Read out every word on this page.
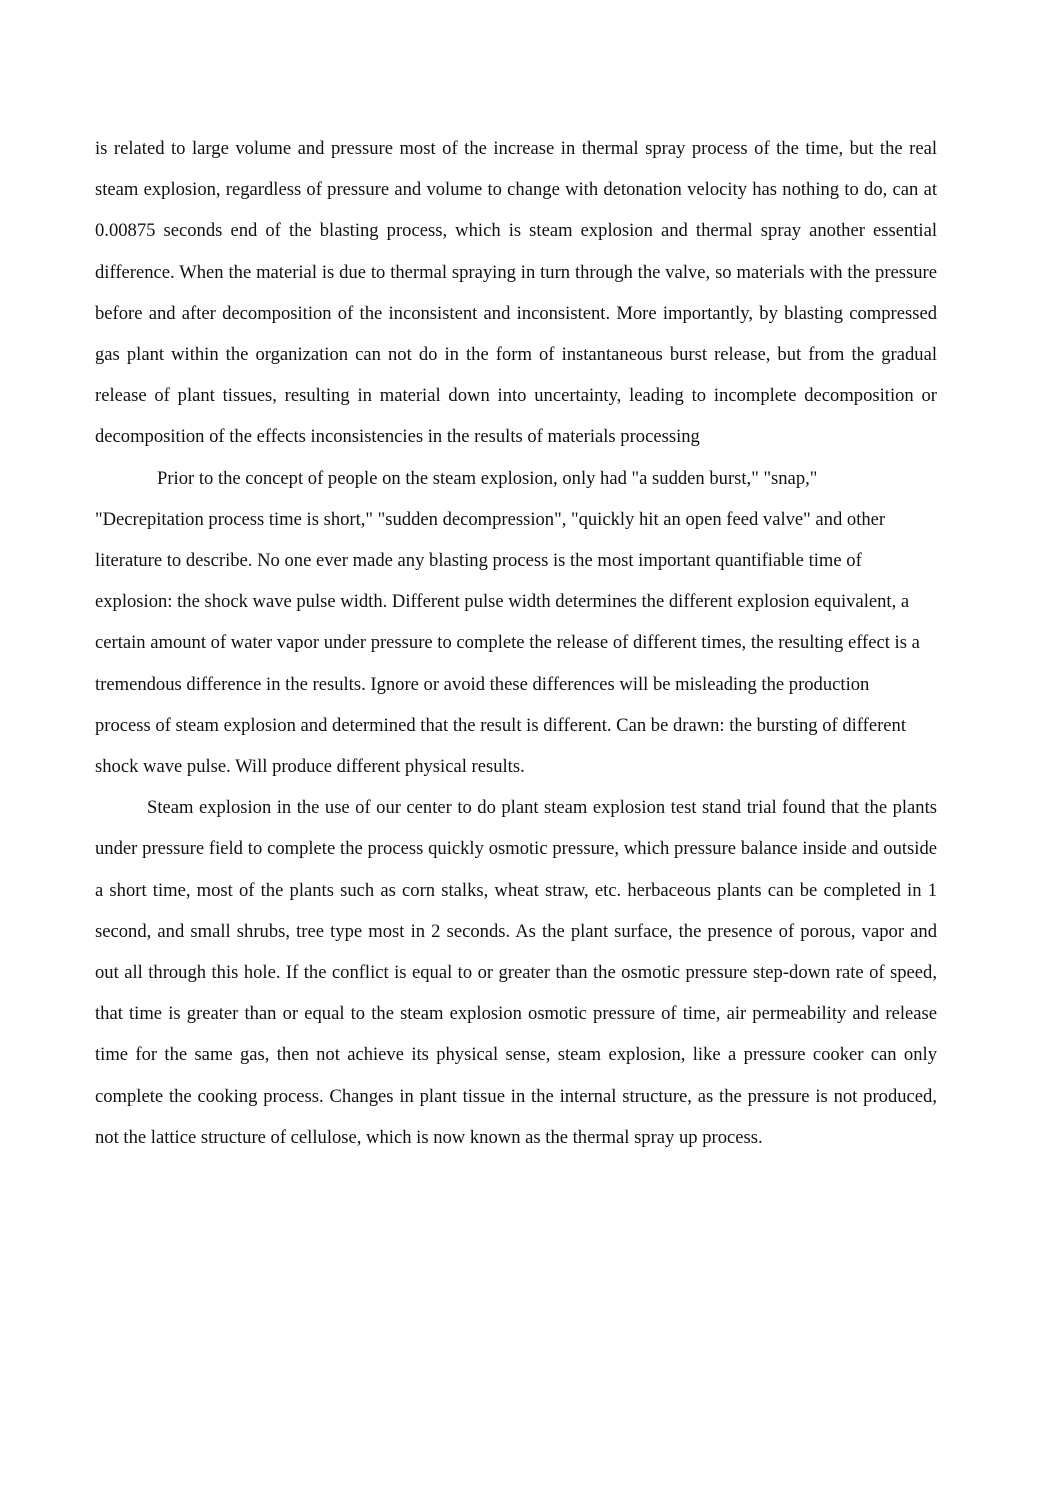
is related to large volume and pressure most of the increase in thermal spray process of the time, but the real steam explosion, regardless of pressure and volume to change with detonation velocity has nothing to do, can at 0.00875 seconds end of the blasting process, which is steam explosion and thermal spray another essential difference. When the material is due to thermal spraying in turn through the valve, so materials with the pressure before and after decomposition of the inconsistent and inconsistent. More importantly, by blasting compressed gas plant within the organization can not do in the form of instantaneous burst release, but from the gradual release of plant tissues, resulting in material down into uncertainty, leading to incomplete decomposition or decomposition of the effects inconsistencies in the results of materials processing

Prior to the concept of people on the steam explosion, only had "a sudden burst," "snap," "Decrepitation process time is short," "sudden decompression", "quickly hit an open feed valve" and other literature to describe. No one ever made any blasting process is the most important quantifiable time of explosion: the shock wave pulse width. Different pulse width determines the different explosion equivalent, a certain amount of water vapor under pressure to complete the release of different times, the resulting effect is a tremendous difference in the results. Ignore or avoid these differences will be misleading the production process of steam explosion and determined that the result is different. Can be drawn: the bursting of different shock wave pulse. Will produce different physical results.

Steam explosion in the use of our center to do plant steam explosion test stand trial found that the plants under pressure field to complete the process quickly osmotic pressure, which pressure balance inside and outside a short time, most of the plants such as corn stalks, wheat straw, etc. herbaceous plants can be completed in 1 second, and small shrubs, tree type most in 2 seconds. As the plant surface, the presence of porous, vapor and out all through this hole. If the conflict is equal to or greater than the osmotic pressure step-down rate of speed, that time is greater than or equal to the steam explosion osmotic pressure of time, air permeability and release time for the same gas, then not achieve its physical sense, steam explosion, like a pressure cooker can only complete the cooking process. Changes in plant tissue in the internal structure, as the pressure is not produced, not the lattice structure of cellulose, which is now known as the thermal spray up process.
